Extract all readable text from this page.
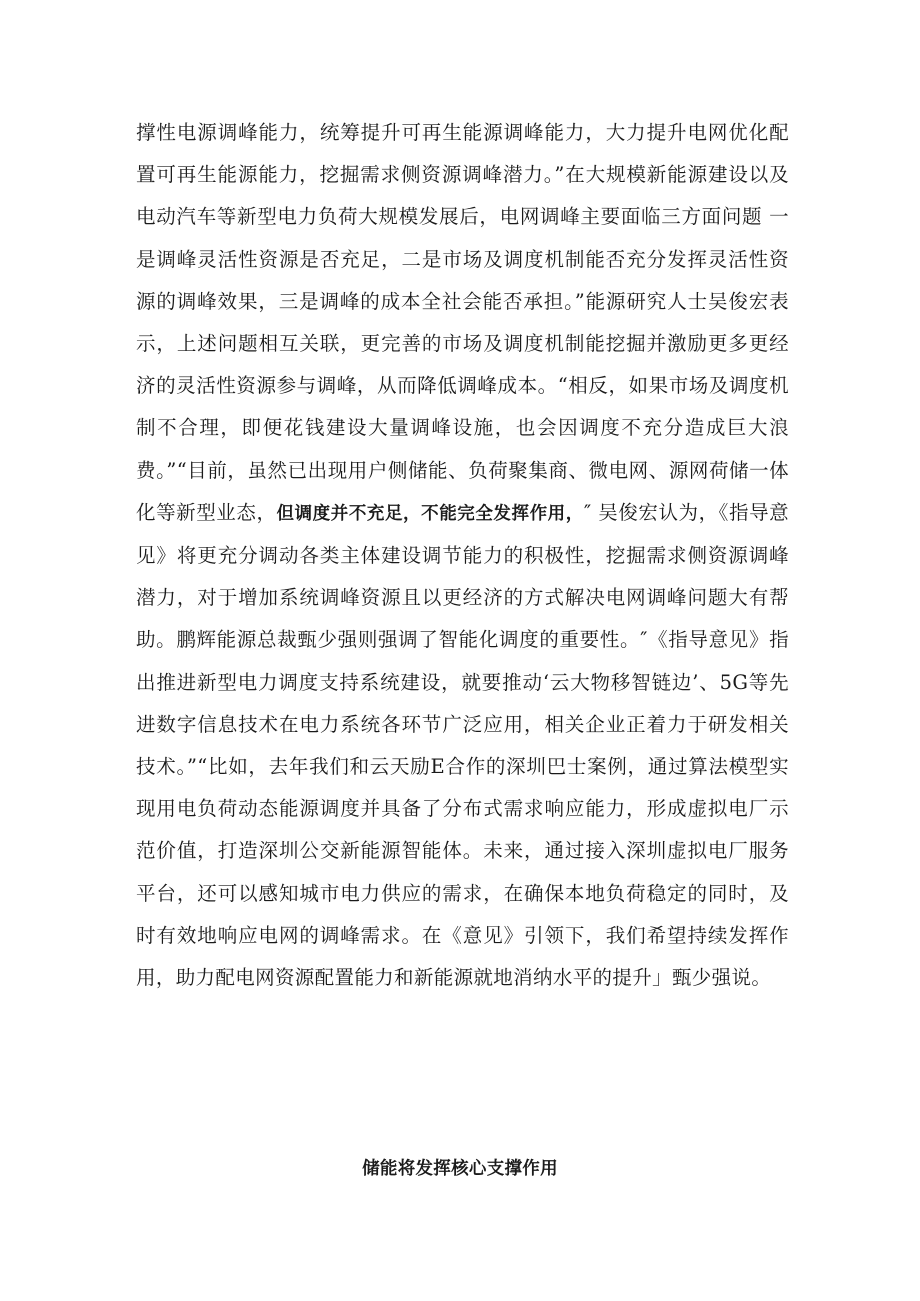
撑性电源调峰能力，统筹提升可再生能源调峰能力，大力提升电网优化配置可再生能源能力，挖掘需求侧资源调峰潜力。”在大规模新能源建设以及电动汽车等新型电力负荷大规模发展后，电网调峰主要面临三方面问题 一是调峰灵活性资源是否充足，二是市场及调度机制能否充分发挥灵活性资源的调峰效果，三是调峰的成本全社会能否承担。”能源研究人士吴俊宏表示，上述问题相互关联，更完善的市场及调度机制能挖掘并激励更多更经济的灵活性资源参与调峰，从而降低调峰成本。“相反，如果市场及调度机制不合理，即便花钱建设大量调峰设施，也会因调度不充分造成巨大浪费。”“目前，虽然已出现用户侧储能、负荷聚集商、微电网、源网荷储一体化等新型业态，但调度并不充足，不能完全发挥作用，″ 吴俊宏认为，《指导意见》将更充分调动各类主体建设调节能力的积极性，挖掘需求侧资源调峰潜力，对于增加系统调峰资源且以更经济的方式解决电网调峰问题大有帮助。鹏辉能源总裁甄少强则强调了智能化调度的重要性。″《指导意见》指出推进新型电力调度支持系统建设，就要推动‘云大物移智链边’、5G等先进数字信息技术在电力系统各环节广泛应用，相关企业正着力于研发相关技术。”“比如，去年我们和云天励E合作的深圳巴士案例，通过算法模型实现用电负荷动态能源调度并具备了分布式需求响应能力，形成虚拟电厂示范价值，打造深圳公交新能源智能体。未来，通过接入深圳虚拟电厂服务平台，还可以感知城市电力供应的需求，在确保本地负荷稳定的同时，及时有效地响应电网的调峰需求。在《意见》引领下，我们希望持续发挥作用，助力配电网资源配置能力和新能源就地消纳水平的提升」甄少强说。

储能将发挥核心支撑作用
